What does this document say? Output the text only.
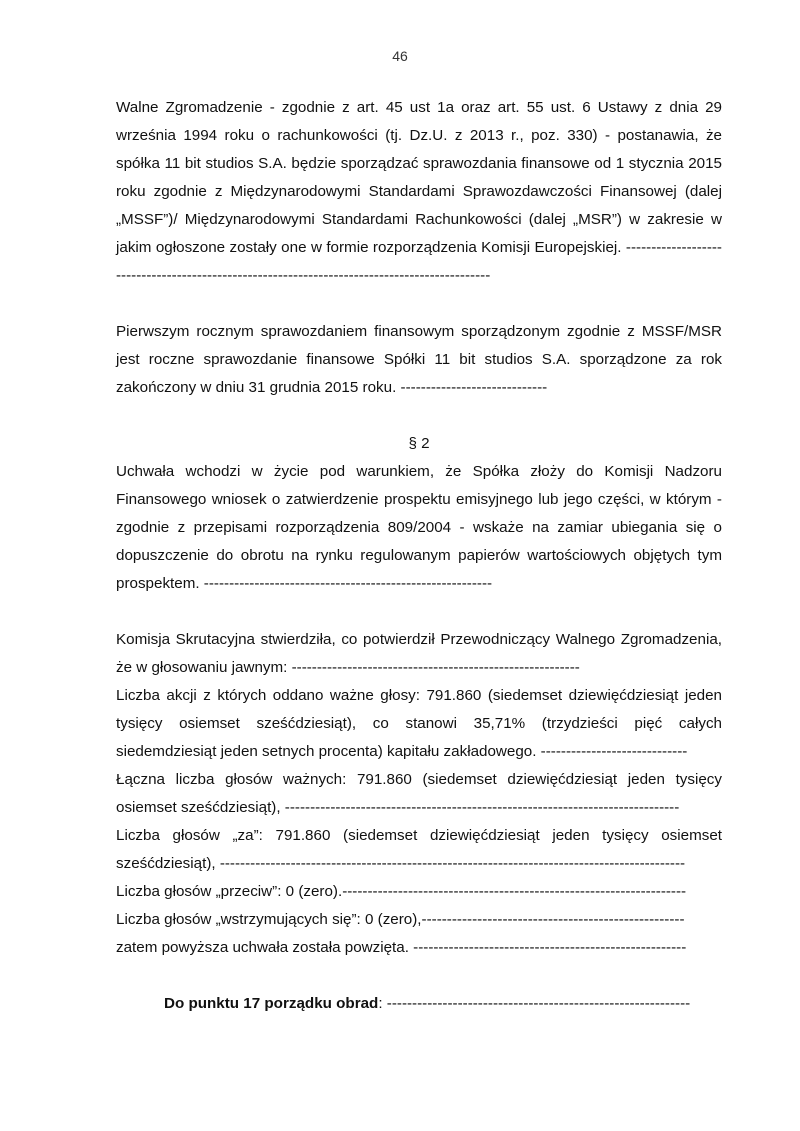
46

Walne Zgromadzenie - zgodnie z art. 45 ust 1a oraz art. 55 ust. 6 Ustawy z dnia 29 września 1994 roku o rachunkowości (tj. Dz.U. z 2013 r., poz. 330) - postanawia, że spółka 11 bit studios S.A. będzie sporządzać sprawozdania finansowe od 1 stycznia 2015 roku zgodnie z Międzynarodowymi Standardami Sprawozdawczości Finansowej (dalej „MSSF”)/ Międzynarodowymi Standardami Rachunkowości (dalej „MSR”) w zakresie w jakim ogłoszone zostały one w formie rozporządzenia Komisji Europejskiej. ---------------------------------------------------------------------------------------------

Pierwszym rocznym sprawozdaniem finansowym sporządzonym zgodnie z MSSF/MSR jest roczne sprawozdanie finansowe Spółki 11 bit studios S.A. sporządzone za rok zakończony w dniu 31 grudnia 2015 roku. -----------------------------

§ 2

Uchwała wchodzi w życie pod warunkiem, że Spółka złoży do Komisji Nadzoru Finansowego wniosek o zatwierdzenie prospektu emisyjnego lub jego części, w którym - zgodnie z przepisami rozporządzenia 809/2004 - wskaże na zamiar ubiegania się o dopuszczenie do obrotu na rynku regulowanym papierów wartościowych objętych tym prospektem. ---------------------------------------------------------

Komisja Skrutacyjna stwierdziła, co potwierdził Przewodniczący Walnego Zgromadzenia, że w głosowaniu jawnym: ---------------------------------------------------------

Liczba akcji z których oddano ważne głosy: 791.860 (siedemset dziewięćdziesiąt jeden tysięcy osiemset sześćdziesiąt), co stanowi 35,71% (trzydzieści pięć całych siedemdziesiąt jeden setnych procenta) kapitału zakładowego. -----------------------------

Łączna liczba głosów ważnych: 791.860 (siedemset dziewięćdziesiąt jeden tysięcy osiemset sześćdziesiąt), ------------------------------------------------------------------------------

Liczba głosów „za”: 791.860 (siedemset dziewięćdziesiąt jeden tysięcy osiemset sześćdziesiąt), --------------------------------------------------------------------------------------------

Liczba głosów „przeciw”: 0 (zero).--------------------------------------------------------------------

Liczba głosów „wstrzymujących się”: 0 (zero),----------------------------------------------------

zatem powyższa uchwała została powzięta. ------------------------------------------------------

Do punktu 17 porządku obrad: ------------------------------------------------------------
